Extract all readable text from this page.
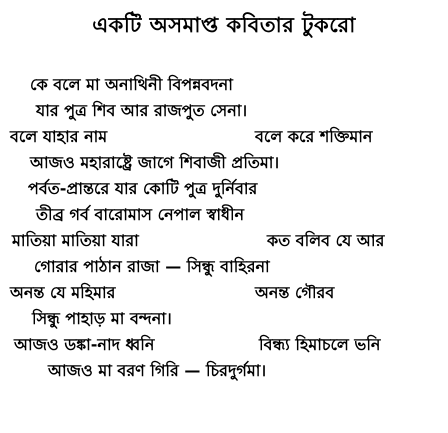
একটি অসমাপ্ত কবিতার টুকরো
কে বলে মা অনাথিনী বিপন্নবদনা
যার পুত্র শিব আর রাজপুত সেনা।
বলে যাহার নাম	বলে করে শক্তিমান
আজও মহারাষ্ট্রে জাগে শিবাজী প্রতিমা।
পর্বত-প্রান্তরে যার কোটি পুত্র দুর্নিবার
তীব্র গর্ব বারোমাস নেপাল স্বাধীন
মাতিয়া মাতিয়া যারা	কত বলিব যে আর
গোরার পাঠান রাজা — সিন্ধু বাহিরনা
অনন্ত যে মহিমার	অনন্ত গৌরব
সিন্ধু পাহাড় মা বন্দনা।
আজও ডঙ্কা-নাদ ধ্বনি	বিন্ধ্য হিমাচলে ভনি
আজও মা বরণ গিরি — চিরদুর্গমা।
